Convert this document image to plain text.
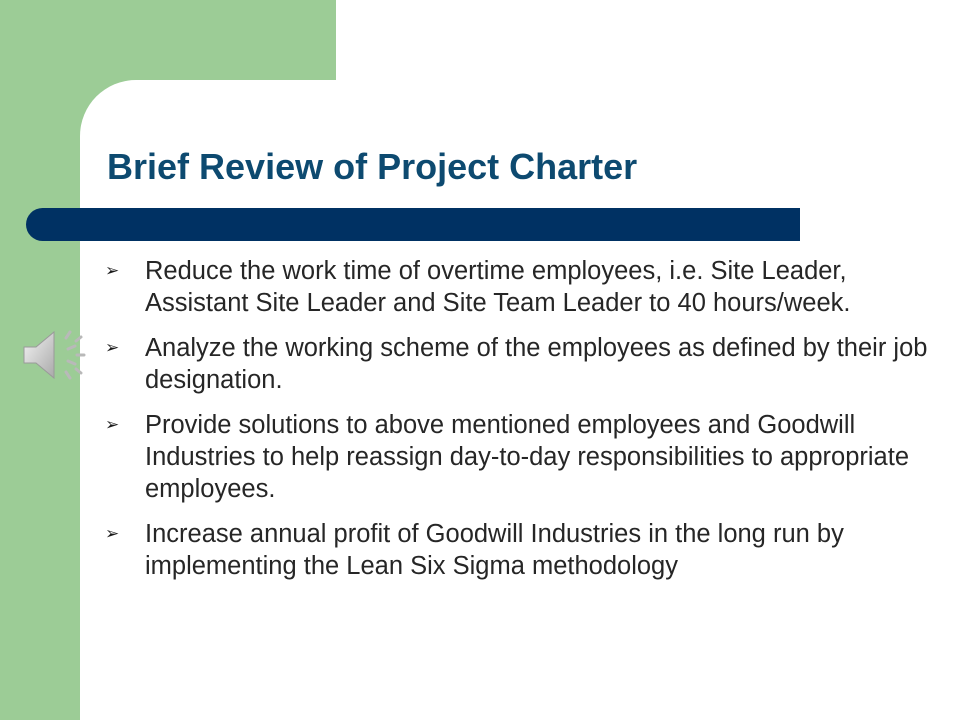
Brief Review of Project Charter
➢	Reduce the work time of overtime employees, i.e. Site Leader, Assistant Site Leader and Site Team Leader to 40 hours/week.
➢	Analyze the working scheme of the employees as defined by their job designation.
➢	Provide solutions to above mentioned employees and Goodwill Industries to help reassign day-to-day responsibilities to appropriate employees.
➢	Increase annual profit of Goodwill Industries in the long run by implementing the Lean Six Sigma methodology
